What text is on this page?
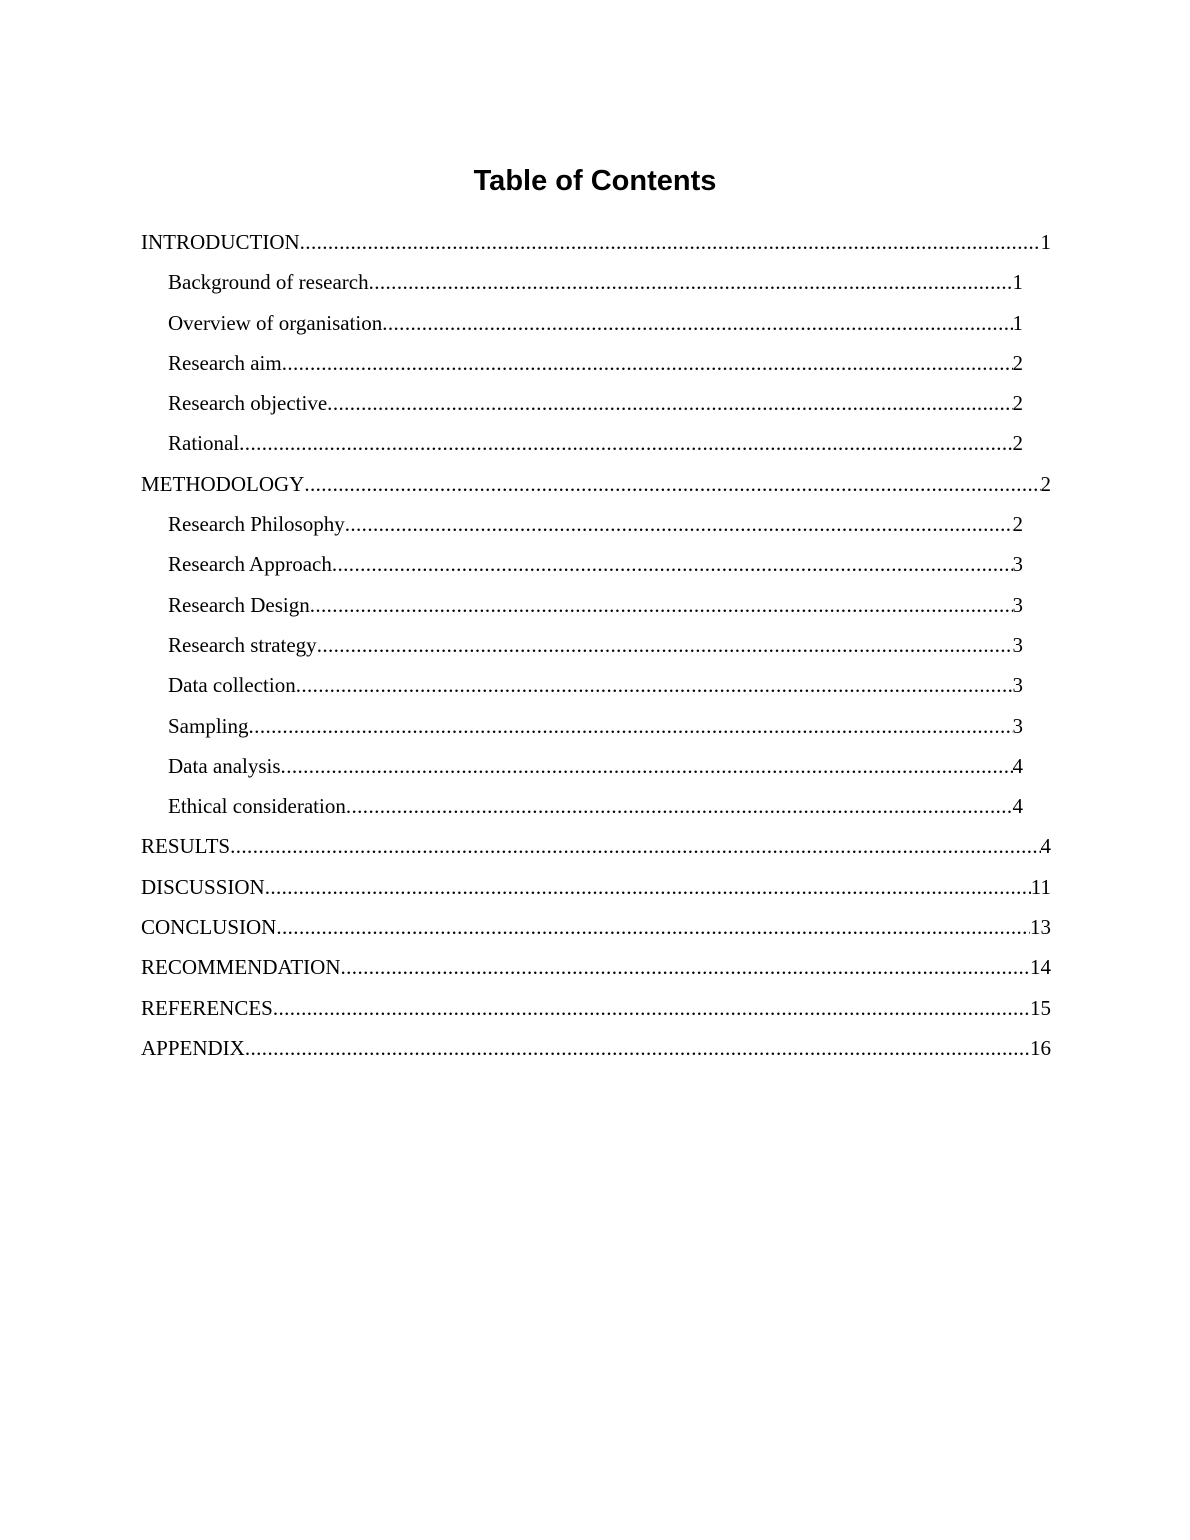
Table of Contents
INTRODUCTION .....	1
Background of research .....	1
Overview of organisation .....	1
Research aim .....	2
Research objective .....	2
Rational .....	2
METHODOLOGY .....	2
Research Philosophy .....	2
Research Approach .....	3
Research Design .....	3
Research strategy .....	3
Data collection .....	3
Sampling .....	3
Data analysis .....	4
Ethical consideration .....	4
RESULTS .....	4
DISCUSSION .....	11
CONCLUSION .....	13
RECOMMENDATION .....	14
REFERENCES .....	15
APPENDIX .....	16
